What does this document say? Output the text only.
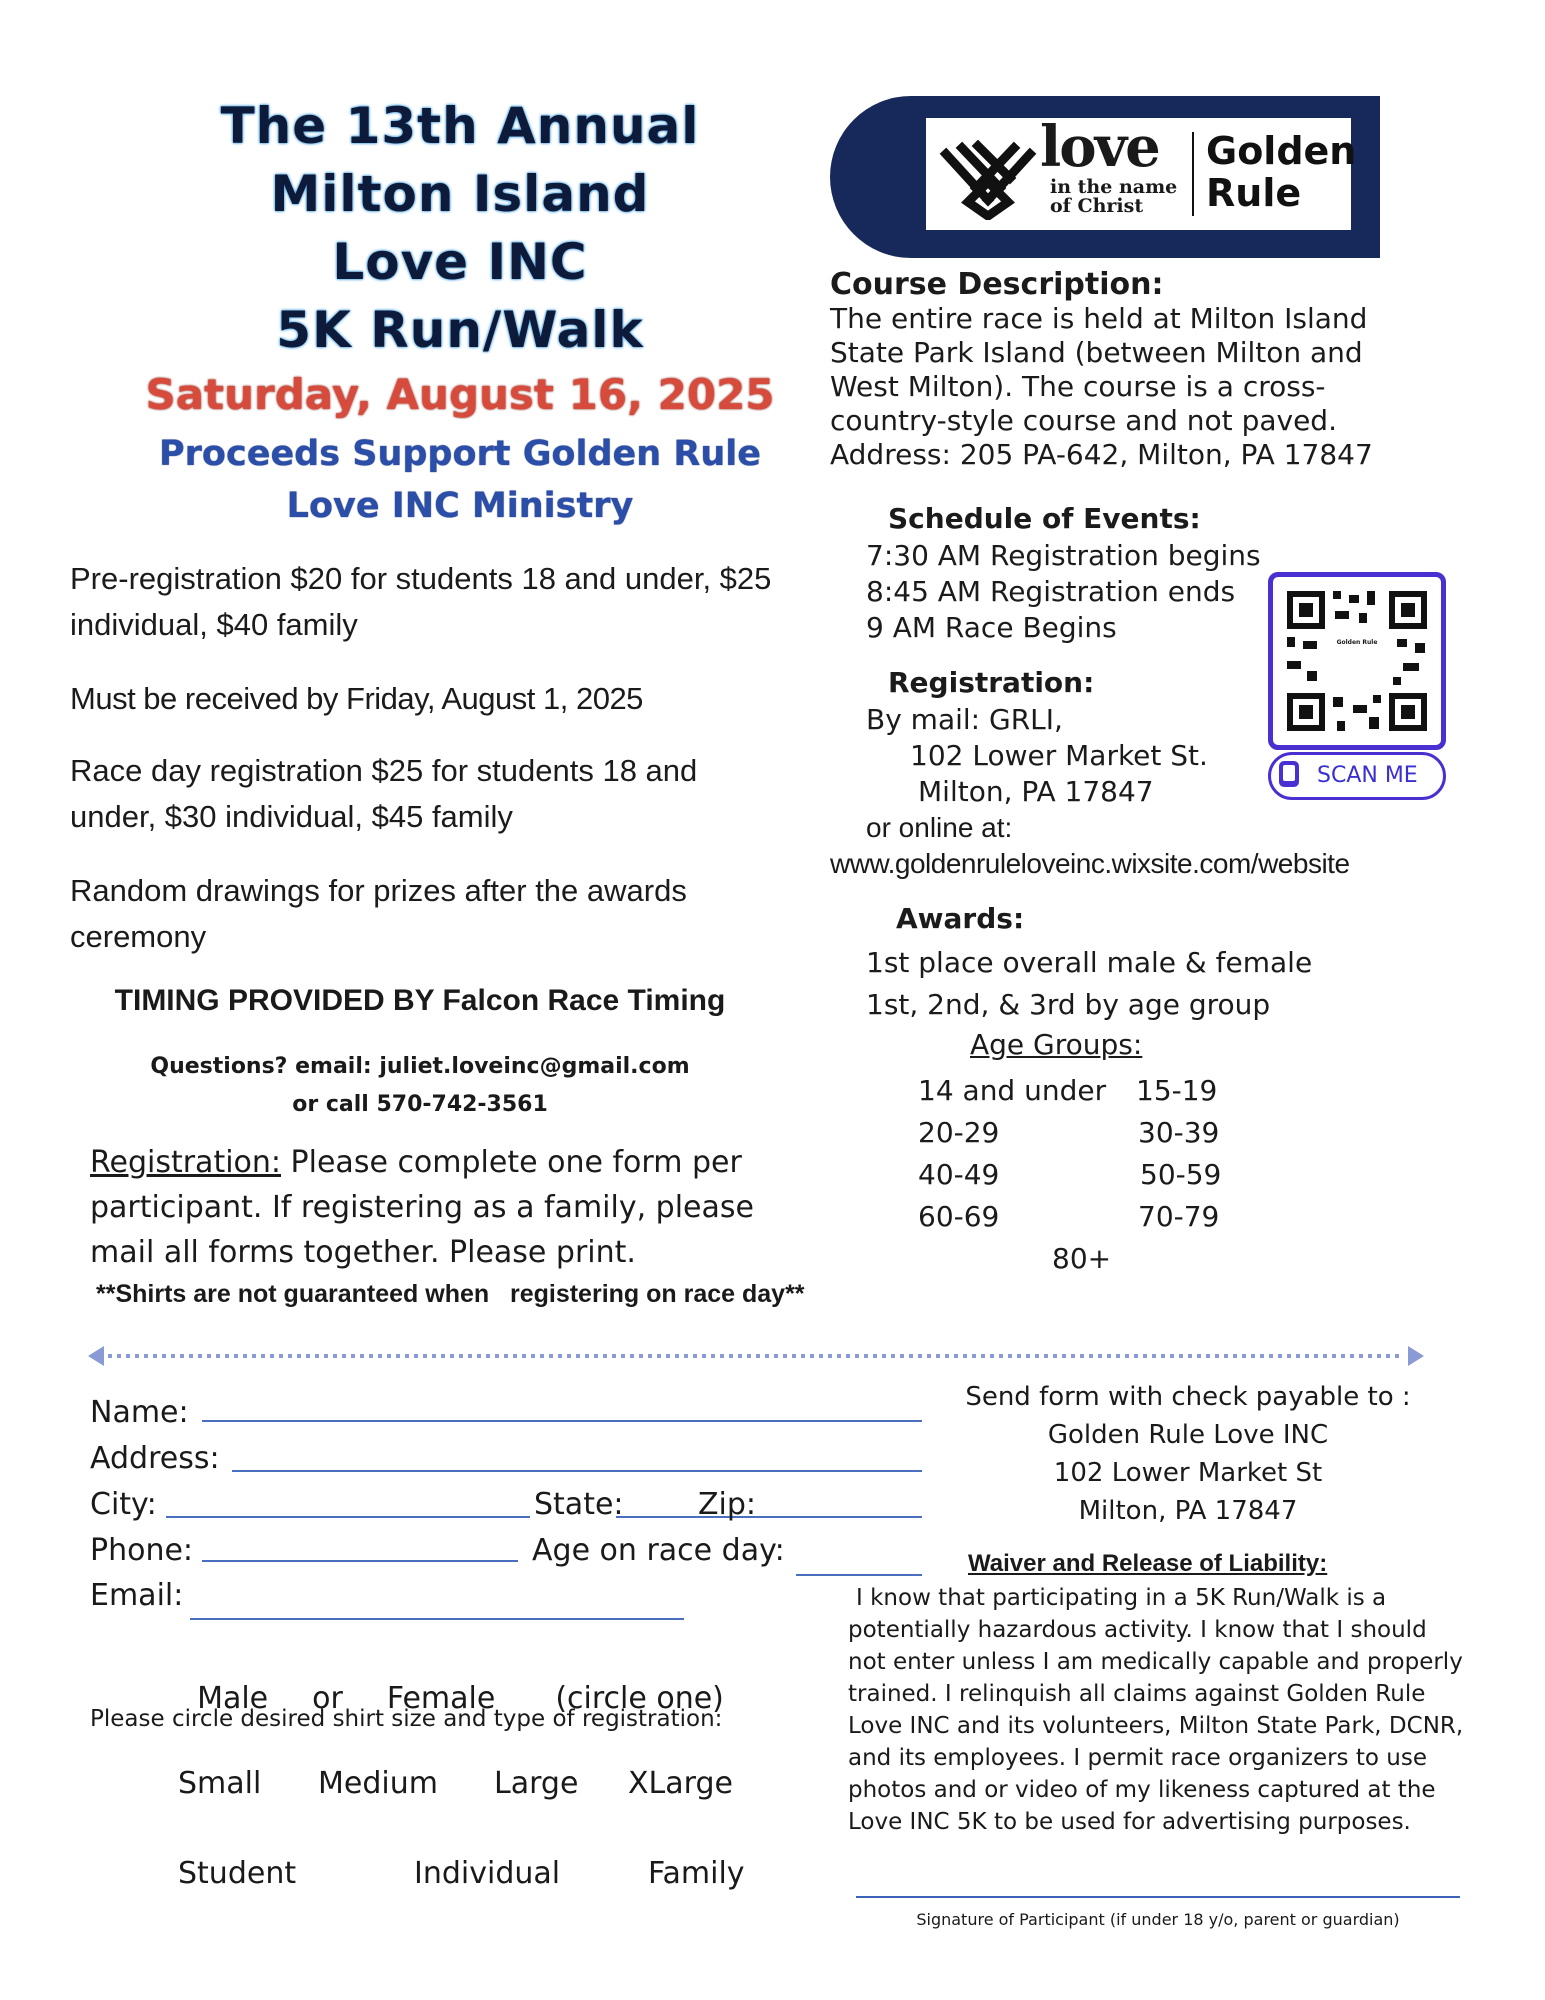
The 13th Annual
Milton Island
Love INC
5K Run/Walk
Saturday, August 16, 2025
Proceeds Support Golden Rule
Love INC Ministry
love
in the name
of Christ
Golden
Rule
Course Description:
The entire race is held at Milton Island State Park Island (between Milton and West Milton). The course is a cross-country-style course and not paved. Address: 205 PA-642, Milton, PA 17847
Schedule of Events:
7:30 AM Registration begins
8:45 AM Registration ends
9 AM Race Begins
Registration:
By mail: GRLI,
102 Lower Market St.
Milton, PA 17847
or online at:
www.goldenruleloveinc.wixsite.com/website
Golden Rule
SCAN ME
Awards:
1st place overall male & female
1st, 2nd, & 3rd by age group
Age Groups:
14 and under 15-19
20-29	30-39
40-49	50-59
60-69	70-79
80+
Pre-registration $20 for students 18 and under, $25 individual, $40 family
Must be received by Friday, August 1, 2025
Race day registration $25 for students 18 and under, $30 individual, $45 family
Random drawings for prizes after the awards ceremony
TIMING PROVIDED BY Falcon Race Timing
Questions? email: juliet.loveinc@gmail.com
or call 570-742-3561
Registration: Please complete one form per participant. If registering as a family, please mail all forms together. Please print.
**Shirts are not guaranteed when   registering on race day**
Name:
Address:
City:	State: Zip:
Phone:	Age on race day:
Email:

Male or Female (circle one)

Please circle desired shirt size and type of registration:
Small Medium Large XLarge
Student	Individual	Family
Send form with check payable to :
Golden Rule Love INC
102 Lower Market St
Milton, PA 17847
Waiver and Release of Liability:
I know that participating in a 5K Run/Walk is a potentially hazardous activity. I know that I should not enter unless I am medically capable and properly trained. I relinquish all claims against Golden Rule Love INC and its volunteers, Milton State Park, DCNR, and its employees. I permit race organizers to use photos and or video of my likeness captured at the Love INC 5K to be used for advertising purposes.
Signature of Participant (if under 18 y/o, parent or guardian)
